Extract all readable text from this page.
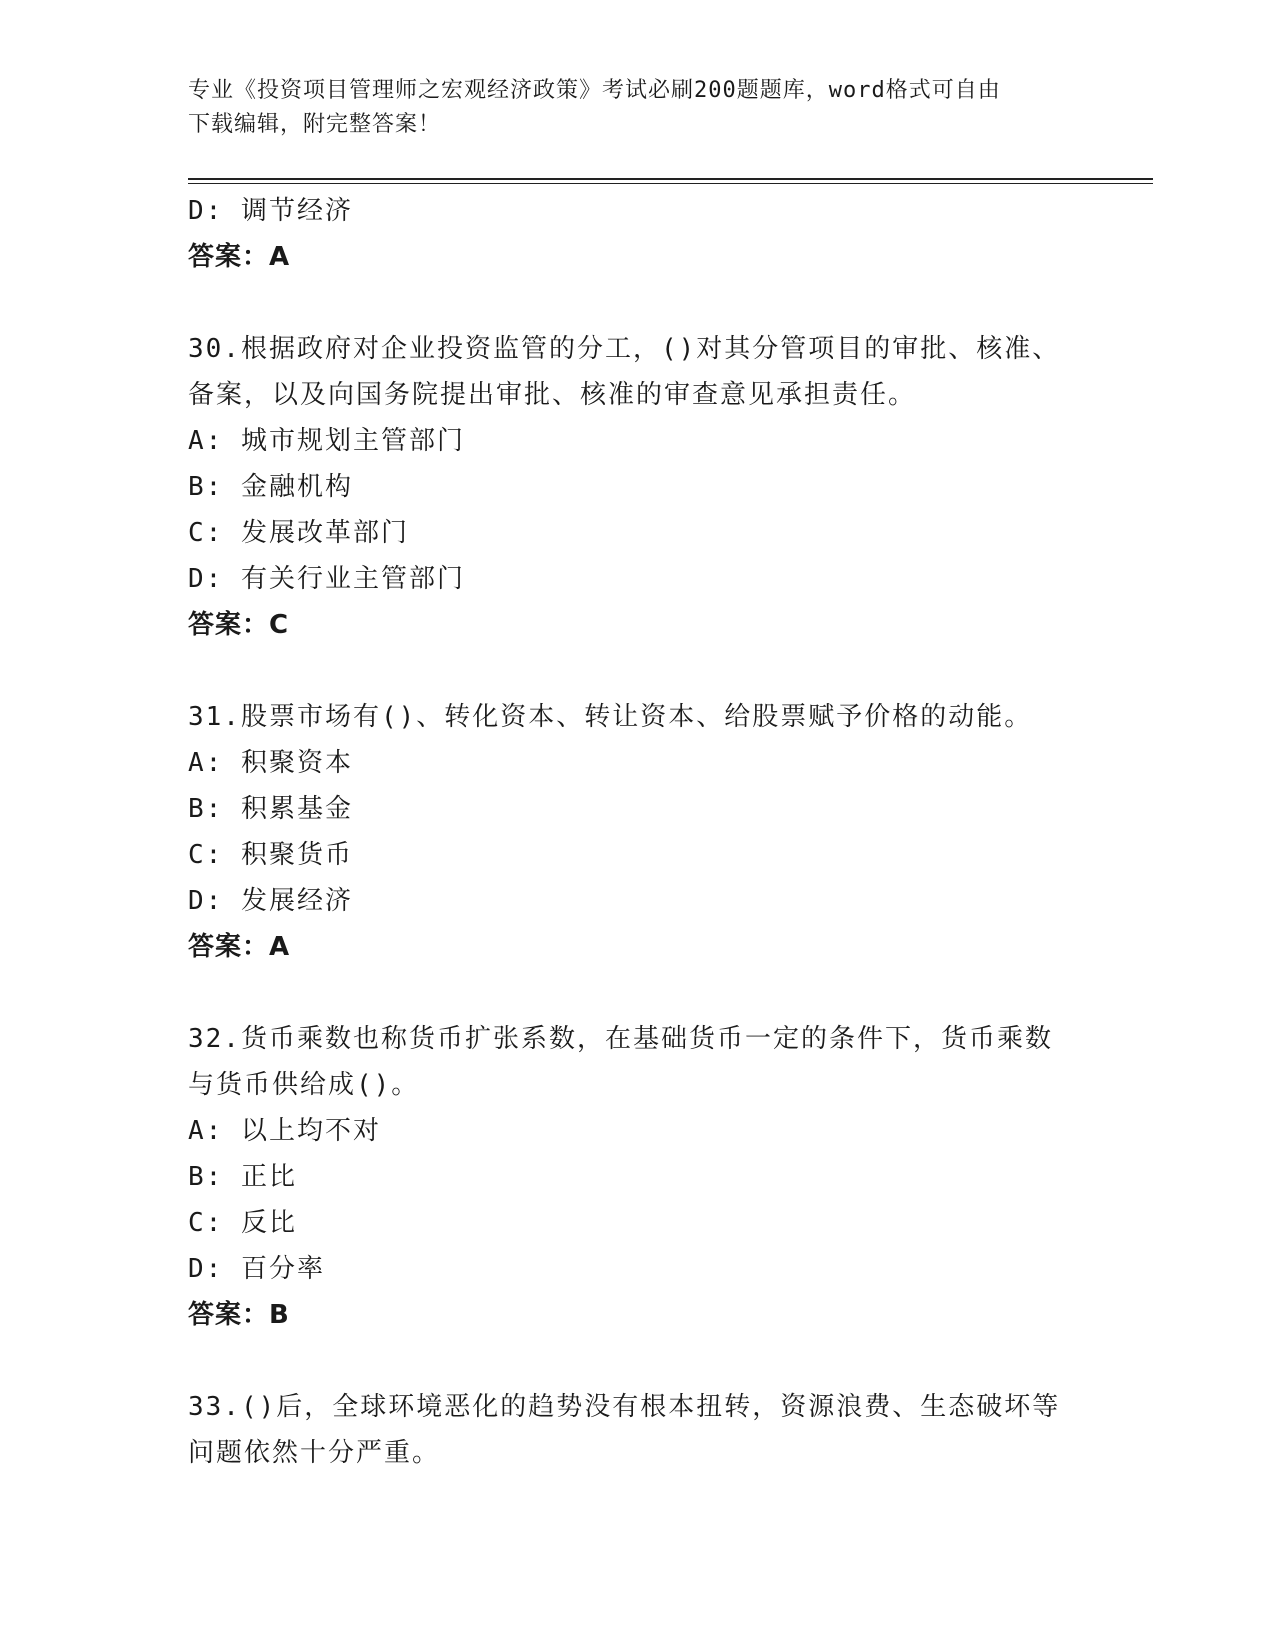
专业《投资项目管理师之宏观经济政策》考试必刷200题题库，word格式可自由
下载编辑，附完整答案！
D: 调节经济
答案：A
30.根据政府对企业投资监管的分工，()对其分管项目的审批、核准、
备案，以及向国务院提出审批、核准的审查意见承担责任。
A: 城市规划主管部门
B: 金融机构
C: 发展改革部门
D: 有关行业主管部门
答案：C
31.股票市场有()、转化资本、转让资本、给股票赋予价格的动能。
A: 积聚资本
B: 积累基金
C: 积聚货币
D: 发展经济
答案：A
32.货币乘数也称货币扩张系数，在基础货币一定的条件下，货币乘数
与货币供给成()。
A: 以上均不对
B: 正比
C: 反比
D: 百分率
答案：B
33.()后，全球环境恶化的趋势没有根本扭转，资源浪费、生态破坏等
问题依然十分严重。
